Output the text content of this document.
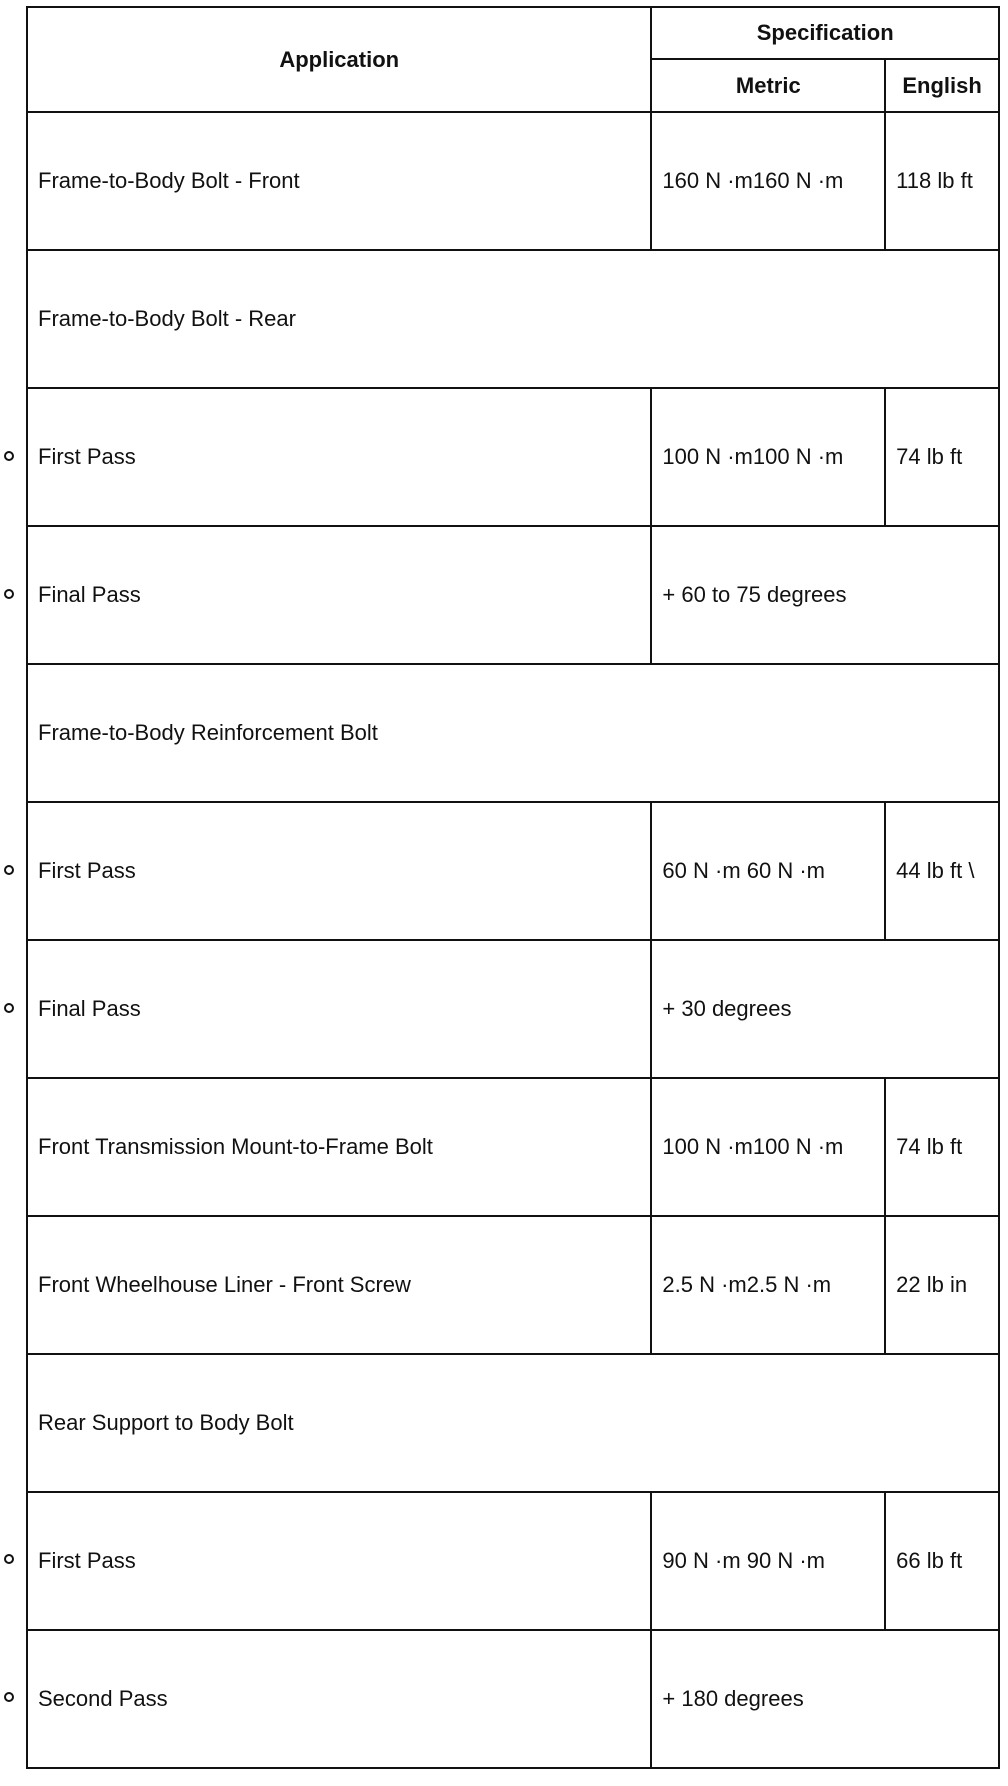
Application	Specification	
	Metric	English
Frame-to-Body Bolt - Front	160 N ·m160 N ·m	118 lb ft
Frame-to-Body Bolt - Rear		
First Pass	100 N ·m100 N ·m	74 lb ft
Final Pass	+ 60 to 75 degrees	
Frame-to-Body Reinforcement Bolt		
First Pass	60 N ·m 60 N ·m	44 lb ft \
Final Pass	+ 30 degrees	
Front Transmission Mount-to-Frame Bolt	100 N ·m100 N ·m	74 lb ft
Front Wheelhouse Liner - Front Screw	2.5 N ·m2.5 N ·m	22 lb in
Rear Support to Body Bolt		
First Pass	90 N ·m 90 N ·m	66 lb ft
Second Pass	+ 180 degrees	
